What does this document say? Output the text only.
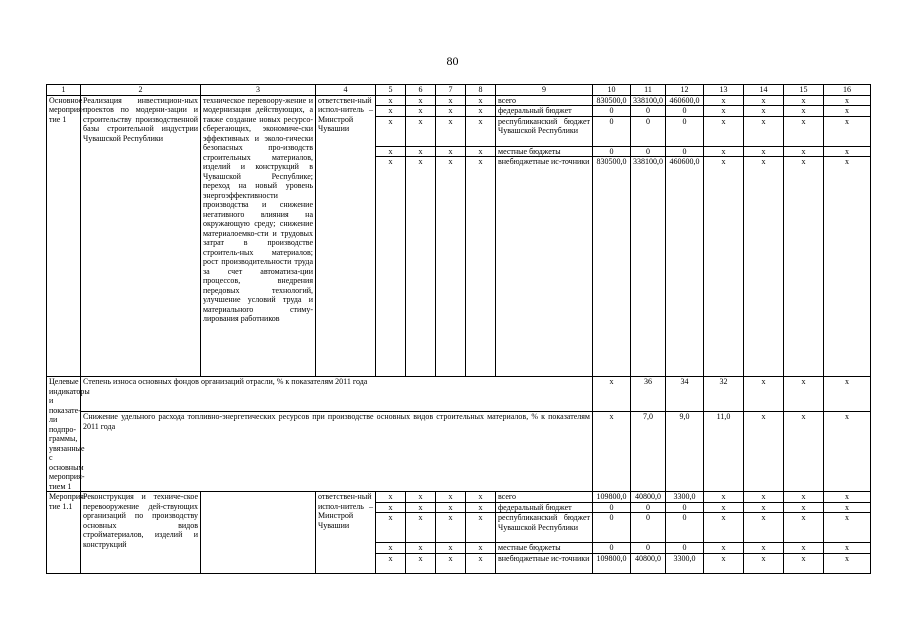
80
1	2	3	4	5	6	7	8	9	10	11	12	13	14	15	16	
Основное мероприя-тие 1	Реализация инвестицион-ных проектов по модерни-зации и строительству производственной базы строительной индустрии Чувашской Республики	техническое перевоору-жение и модернизация действующих, а также создание новых ресурсо-сберегающих, экономиче-ски эффективных и эколо-гически безопасных про-изводств строительных материалов, изделий и конструкций в Чувашской Республике; переход на новый уровень энергоэффективности производства и снижение негативного влияния на окружающую среду; снижение материалоемко-сти и трудовых затрат в производстве строитель-ных материалов; рост производительности труда за счет автоматиза-ции процессов, внедрения передовых технологий, улучшение условий труда и материального стиму-лирования работников	ответствен-ный испол-нитель – Минстрой Чувашии	x	x	x	x	всего	830500,0	338100,0	460600,0	x	x	x	x	
				x	x	x	x	федеральный бюджет	0	0	0	x	x	x	x	
				x	x	x	x	республиканский бюджет Чувашской Республики	0	0	0	x	x	x	x	
				x	x	x	x	местные бюджеты	0	0	0	x	x	x	x	
				x	x	x	x	внебюджетные ис-точники	830500,0	338100,0	460600,0	x	x	x	x	
Целевые индикаторы и показате-ли подпро-граммы, увязанные с основным мероприя-тием 1	Степень износа основных фондов организаций отрасли, % к показателям 2011 года								x	36	34	32	x	x	x	
	Снижение удельного расхода топливно-энергетических ресурсов при производстве основных видов строительных материалов, % к показателям 2011 года								x	7,0	9,0	11,0	x	x	x	
Мероприя-тие 1.1	Реконструкция и техниче-ское перевооружение дей-ствующих организаций по производству основных видов стройматериалов, изделий и конструкций		ответствен-ный испол-нитель – Минстрой Чувашии	x	x	x	x	всего	109800,0	40800,0	3300,0	x	x	x	x	
				x	x	x	x	федеральный бюджет	0	0	0	x	x	x	x	
				x	x	x	x	республиканский бюджет Чувашской Республики	0	0	0	x	x	x	x	
				x	x	x	x	местные бюджеты	0	0	0	x	x	x	x	
				x	x	x	x	внебюджетные ис-точники	109800,0	40800,0	3300,0	x	x	x	x	
